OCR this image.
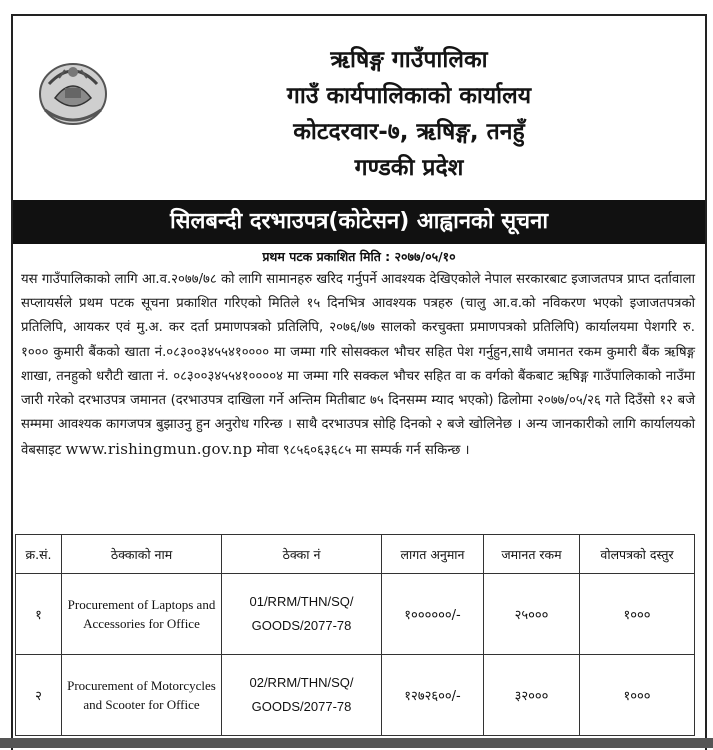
ऋषिङ्ग गाउँपालिका
गाउँ कार्यपालिकाको कार्यालय
कोटदरवार-७, ऋषिङ्ग, तनहुँ
गण्डकी प्रदेश
सिलबन्दी दरभाउपत्र(कोटेसन) आह्वानको सूचना
प्रथम पटक प्रकाशित मिति : २०७७/०५/१०
यस गाउँपालिकाको लागि आ.व.२०७७/७८ को लागि सामानहरु खरिद गर्नुपर्ने आवश्यक देखिएकोले नेपाल सरकारबाट इजाजतपत्र प्राप्त दर्तावाला सप्लायर्सले प्रथम पटक सूचना प्रकाशित गरिएको मितिले १५ दिनभित्र आवश्यक पत्रहरु (चालु आ.व.को नविकरण भएको इजाजतपत्रको प्रतिलिपि, आयकर एवं मु.अ. कर दर्ता प्रमाणपत्रको प्रतिलिपि, २०७६/७७ सालको करचुक्ता प्रमाणपत्रको प्रतिलिपि) कार्यालयमा पेशगरि रु. १००० कुमारी बैंकको खाता नं.०८३००३४५५४१०००० मा जम्मा गरि सोसक्कल भौचर सहित पेश गर्नुहुन,साथै जमानत रकम कुमारी बैंक ऋषिङ्ग शाखा, तनहुको धरौटी खाता नं. ०८३००३४५५४१००००४ मा जम्मा गरि सक्कल भौचर सहित वा क वर्गको बैंकबाट ऋषिङ्ग गाउँपालिकाको नाउँमा जारी गरेको दरभाउपत्र जमानत (दरभाउपत्र दाखिला गर्ने अन्तिम मितीबाट ७५ दिनसम्म म्याद भएको) ढिलोमा २०७७/०५/२६ गते दिउँसो १२ बजे सम्ममा आवश्यक कागजपत्र बुझाउनु हुन अनुरोध गरिन्छ । साथै दरभाउपत्र सोहि दिनको २ बजे खोलिनेछ । अन्य जानकारीको लागि कार्यालयको वेबसाइट www.rishingmun.gov.np मोवा ९८५६०६३६८५ मा सम्पर्क गर्न सकिन्छ ।
क्र.सं.	ठेक्काको नाम	ठेक्का नं	लागत अनुमान	जमानत रकम	वोलपत्रको दस्तुर
१	Procurement of Laptops and Accessories for Office	01/RRM/THN/SQ/ GOODS/2077-78	१००००००/-	२५०००	१०००
२	Procurement of Motorcycles and Scooter for Office	02/RRM/THN/SQ/ GOODS/2077-78	१२७२६००/-	३२०००	१०००
